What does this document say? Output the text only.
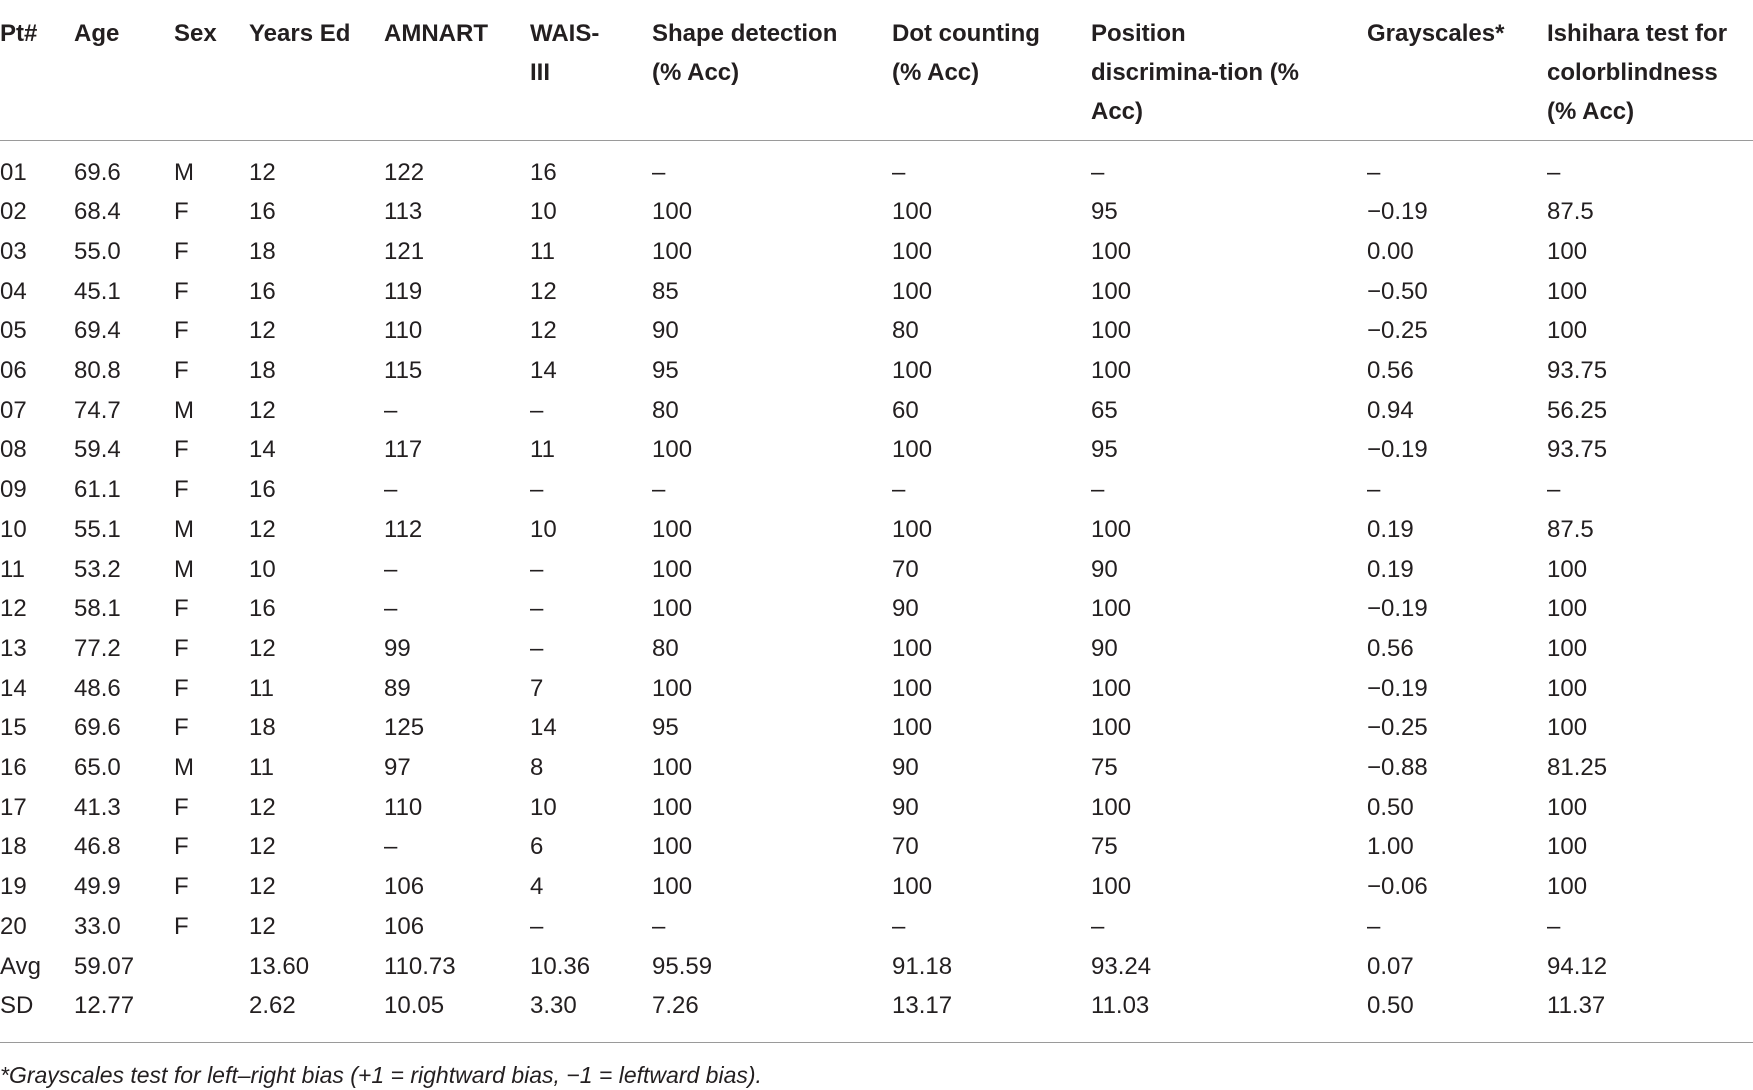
Pt#	Age	Sex	Years Ed	AMNART	WAIS-III	Shape detection (% Acc)	Dot counting (% Acc)	Position discrimina-tion (% Acc)	Grayscales*	Ishihara test for colorblindness (% Acc)
01	69.6	M	12	122	16	–	–	–	–	–
02	68.4	F	16	113	10	100	100	95	−0.19	87.5
03	55.0	F	18	121	11	100	100	100	0.00	100
04	45.1	F	16	119	12	85	100	100	−0.50	100
05	69.4	F	12	110	12	90	80	100	−0.25	100
06	80.8	F	18	115	14	95	100	100	0.56	93.75
07	74.7	M	12	–	–	80	60	65	0.94	56.25
08	59.4	F	14	117	11	100	100	95	−0.19	93.75
09	61.1	F	16	–	–	–	–	–	–	–
10	55.1	M	12	112	10	100	100	100	0.19	87.5
11	53.2	M	10	–	–	100	70	90	0.19	100
12	58.1	F	16	–	–	100	90	100	−0.19	100
13	77.2	F	12	99	–	80	100	90	0.56	100
14	48.6	F	11	89	7	100	100	100	−0.19	100
15	69.6	F	18	125	14	95	100	100	−0.25	100
16	65.0	M	11	97	8	100	90	75	−0.88	81.25
17	41.3	F	12	110	10	100	90	100	0.50	100
18	46.8	F	12	–	6	100	70	75	1.00	100
19	49.9	F	12	106	4	100	100	100	−0.06	100
20	33.0	F	12	106	–	–	–	–	–	–
Avg	59.07		13.60	110.73	10.36	95.59	91.18	93.24	0.07	94.12
SD	12.77		2.62	10.05	3.30	7.26	13.17	11.03	0.50	11.37
*Grayscales test for left–right bias (+1 = rightward bias, −1 = leftward bias).
